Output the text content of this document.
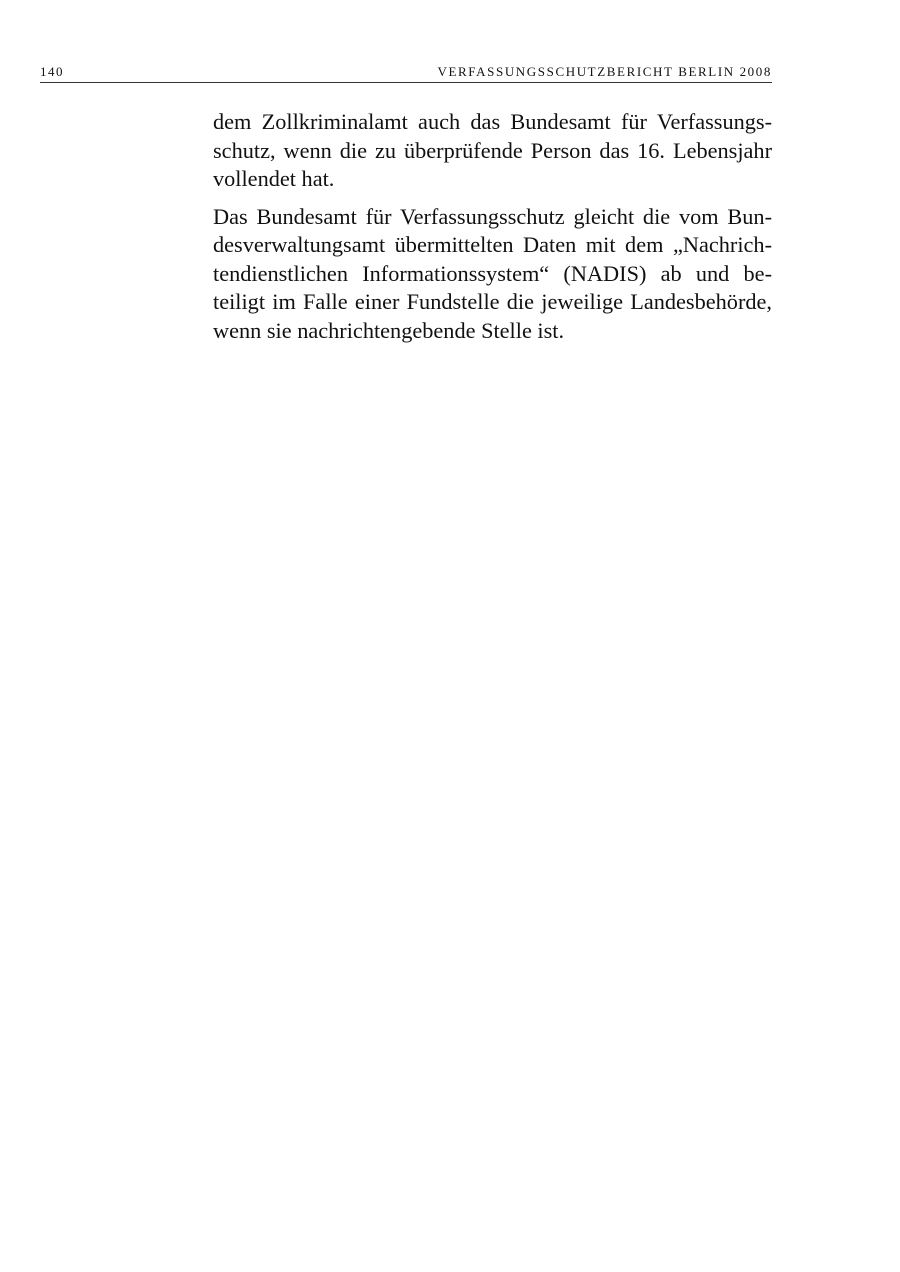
140	VERFASSUNGSSCHUTZBERICHT BERLIN 2008

dem Zollkriminalamt auch das Bundesamt für Verfassungs-
schutz, wenn die zu überprüfende Person das 16. Lebensjahr
vollendet hat.

Das Bundesamt für Verfassungsschutz gleicht die vom Bun-
desverwaltungsamt übermittelten Daten mit dem „Nachrich-
tendienstlichen Informationssystem“ (NADIS) ab und be-
teiligt im Falle einer Fundstelle die jeweilige Landesbehörde,
wenn sie nachrichtengebende Stelle ist.
